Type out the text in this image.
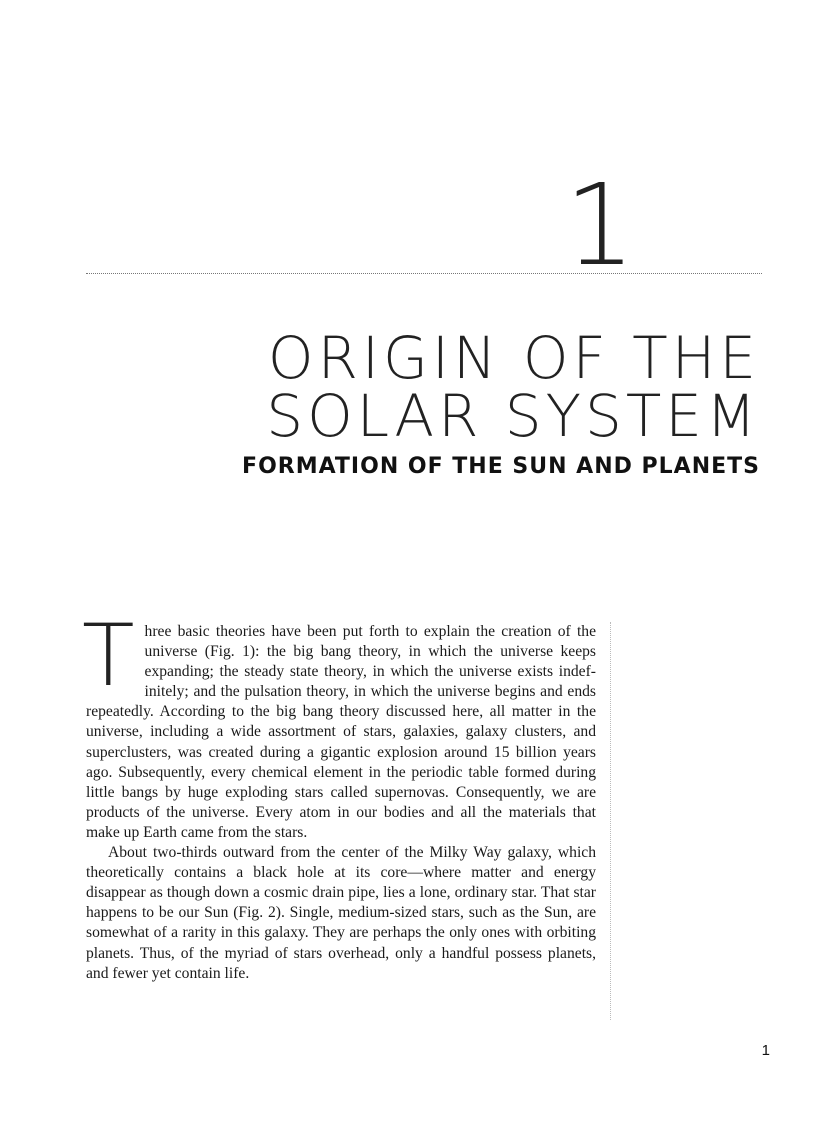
1
ORIGIN OF THE
SOLAR SYSTEM
FORMATION OF THE SUN AND PLANETS

Three basic theories have been put forth to explain the creation of the universe (Fig. 1): the big bang theory, in which the universe keeps expanding; the steady state theory, in which the universe exists indefinitely; and the pulsation theory, in which the universe begins and ends repeatedly. According to the big bang theory discussed here, all matter in the universe, including a wide assortment of stars, galaxies, galaxy clusters, and superclusters, was created during a gigantic explosion around 15 billion years ago. Subsequently, every chemical element in the periodic table formed during little bangs by huge exploding stars called supernovas. Consequently, we are products of the universe. Every atom in our bodies and all the materials that make up Earth came from the stars.

About two-thirds outward from the center of the Milky Way galaxy, which theoretically contains a black hole at its core—where matter and energy disappear as though down a cosmic drain pipe, lies a lone, ordinary star. That star happens to be our Sun (Fig. 2). Single, medium-sized stars, such as the Sun, are somewhat of a rarity in this galaxy. They are perhaps the only ones with orbiting planets. Thus, of the myriad of stars overhead, only a handful possess planets, and fewer yet contain life.

1
